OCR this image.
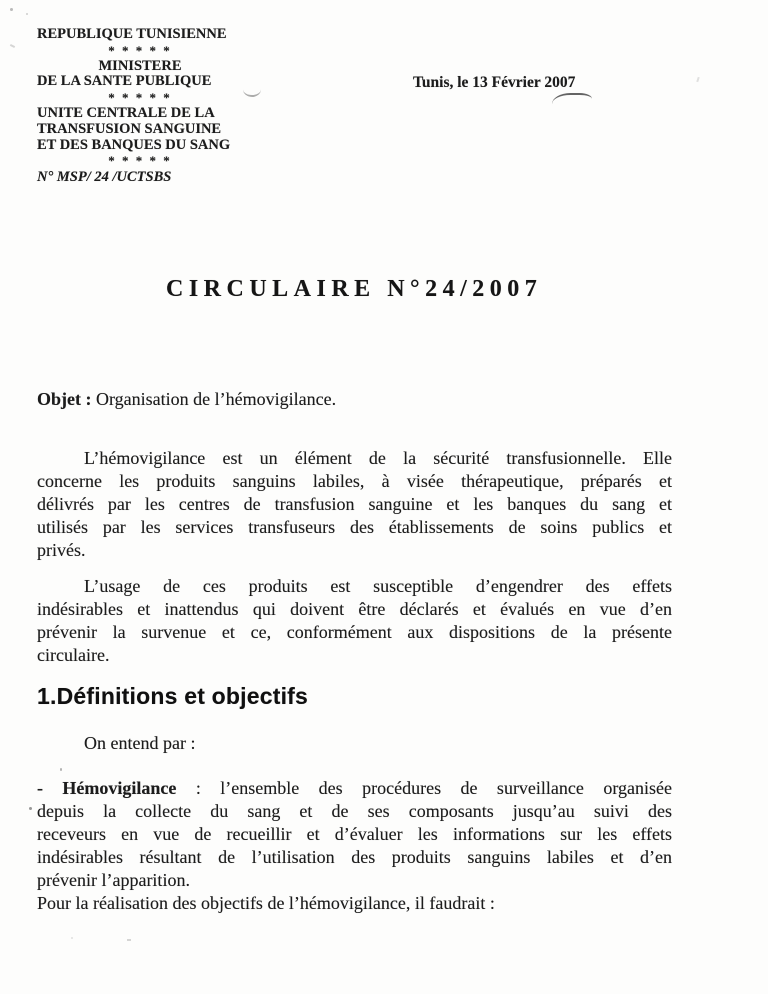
REPUBLIQUE TUNISIENNE
* * * * *
MINISTERE
DE LA SANTE PUBLIQUE
* * * * *
UNITE CENTRALE DE LA
TRANSFUSION SANGUINE
ET DES BANQUES DU SANG
* * * * *
N° MSP/ 24 /UCTSBS
Tunis, le 13 Février 2007
CIRCULAIRE N°24/2007
Objet : Organisation de l’hémovigilance.
L’hémovigilance est un élément de la sécurité transfusionnelle. Elle
concerne les produits sanguins labiles, à visée thérapeutique, préparés et
délivrés par les centres de transfusion sanguine et les banques du sang et
utilisés par les services transfuseurs des établissements de soins publics et
privés.
L’usage de ces produits est susceptible d’engendrer des effets
indésirables et inattendus qui doivent être déclarés et évalués en vue d’en
prévenir la survenue et ce, conformément aux dispositions de la présente
circulaire.
1.Définitions et objectifs
On entend par :
- Hémovigilance : l’ensemble des procédures de surveillance organisée
depuis la collecte du sang et de ses composants jusqu’au suivi des
receveurs en vue de recueillir et d’évaluer les informations sur les effets
indésirables résultant de l’utilisation des produits sanguins labiles et d’en
prévenir l’apparition.
Pour la réalisation des objectifs de l’hémovigilance, il faudrait :
